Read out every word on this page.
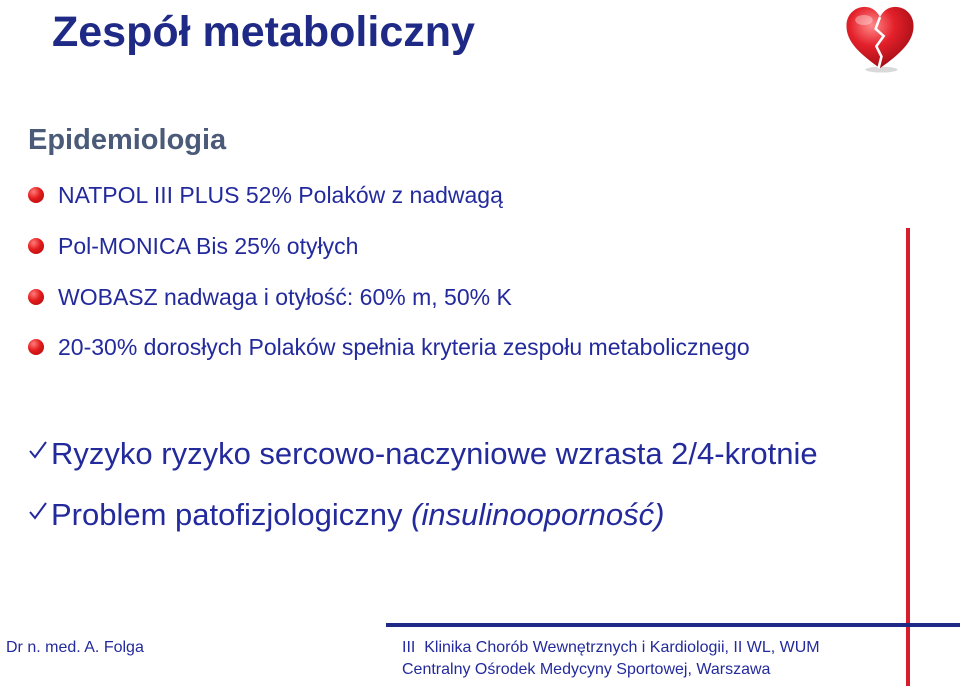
Zespół metaboliczny
Epidemiologia
NATPOL III PLUS 52% Polaków z nadwagą
Pol-MONICA Bis 25% otyłych
WOBASZ nadwaga i otyłość: 60% m, 50% K
20-30% dorosłych Polaków spełnia kryteria zespołu metabolicznego
Ryzyko ryzyko sercowo-naczyniowe wzrasta 2/4-krotnie
Problem patofizjologiczny (insulinooporność)
Dr n. med. A. Folga	III  Klinika Chorób Wewnętrznych i Kardiologii, II WL, WUM
Centralny Ośrodek Medycyny Sportowej, Warszawa
